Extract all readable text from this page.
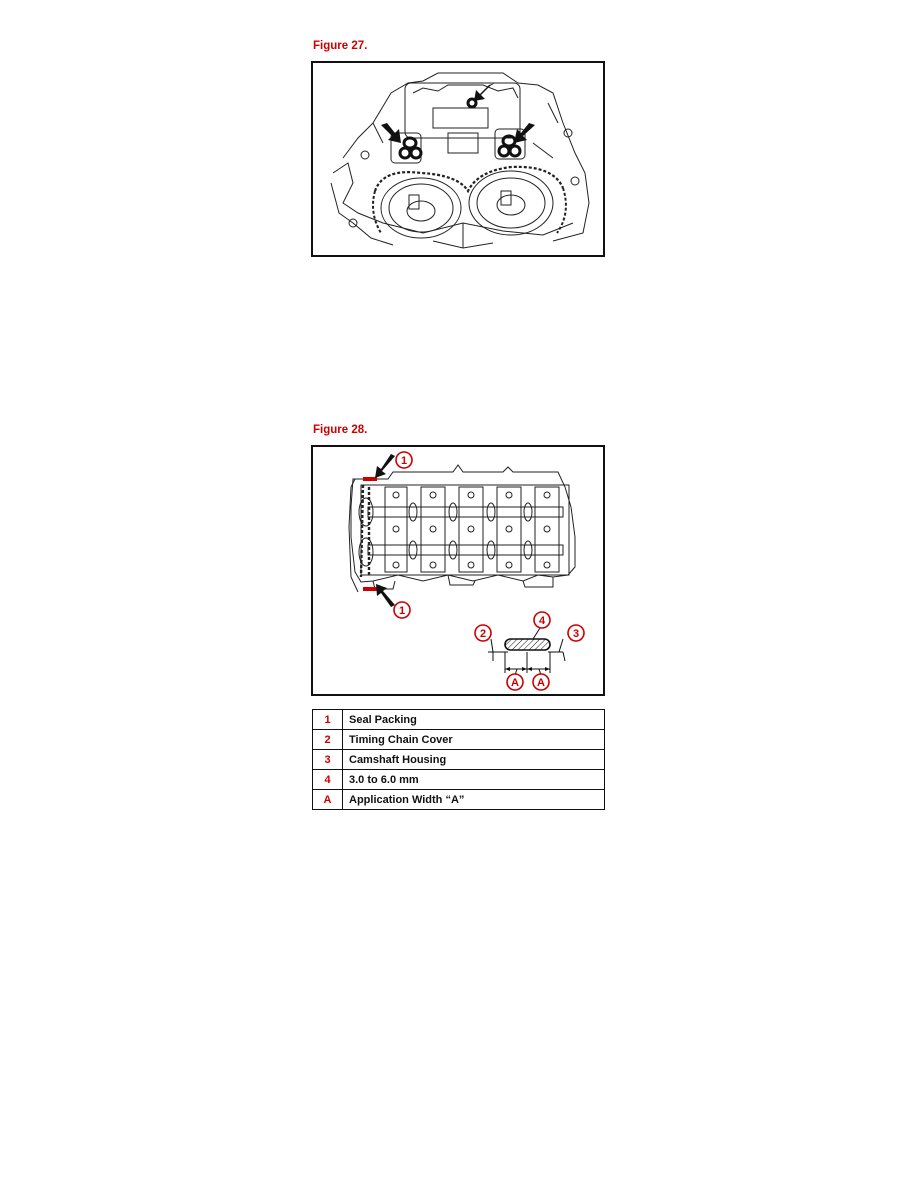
Figure 27.
Figure 28.
1
1
2	3
4
A A
1	Seal Packing
2	Timing Chain Cover
3	Camshaft Housing
4	3.0 to 6.0 mm
A	Application Width “A”
